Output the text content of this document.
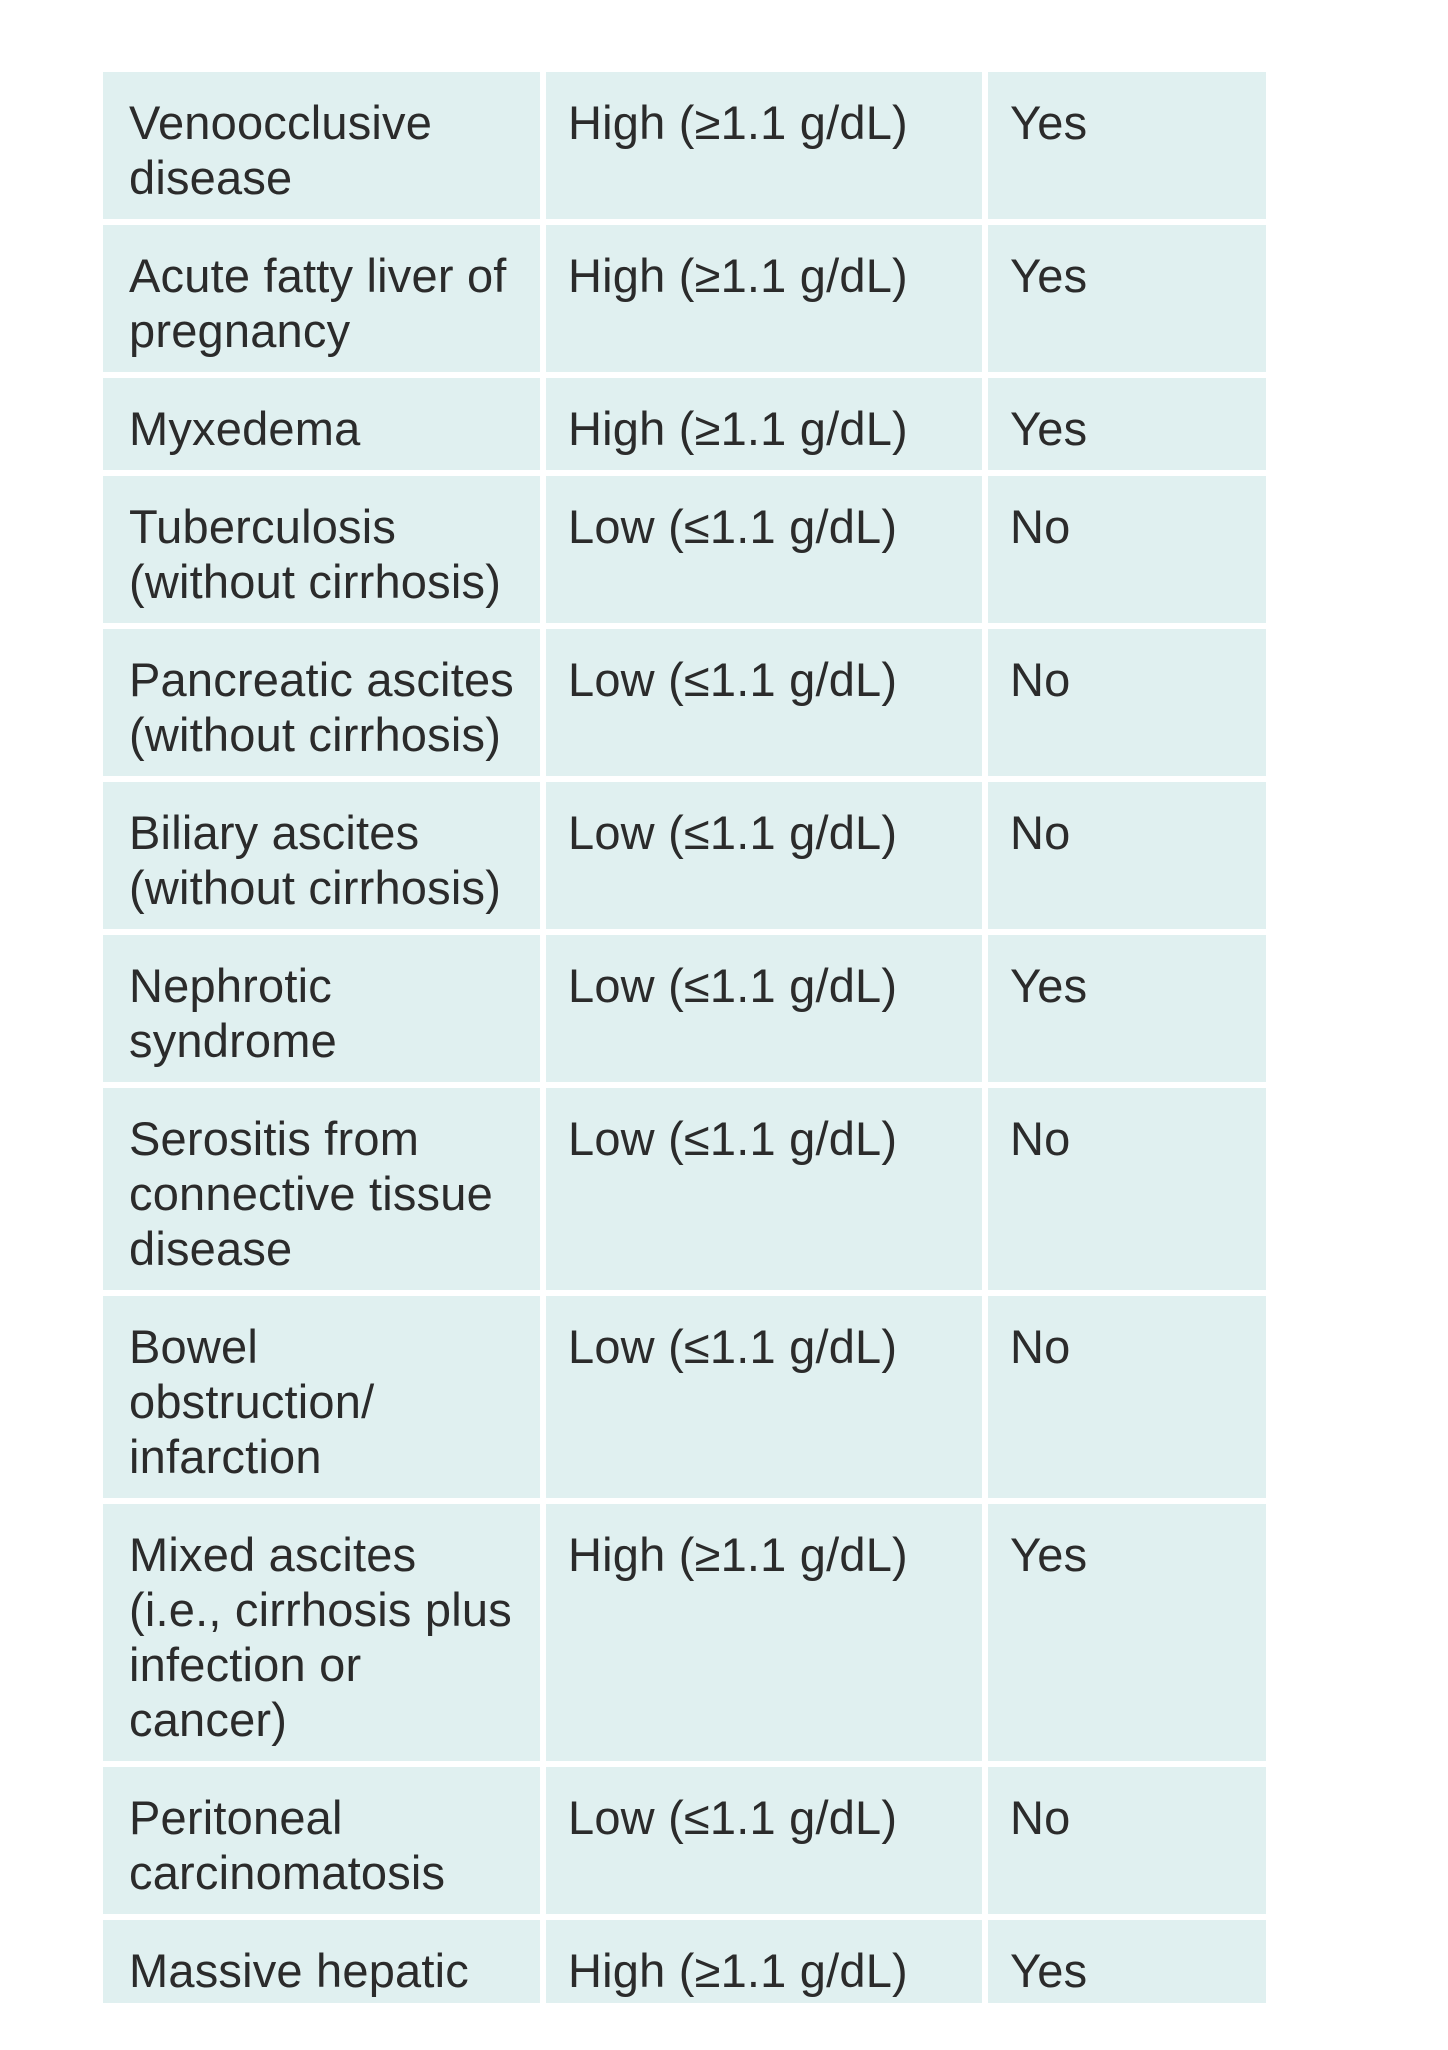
Venoocclusive disease	High (≥1.1 g/dL)	Yes
Acute fatty liver of pregnancy	High (≥1.1 g/dL)	Yes
Myxedema	High (≥1.1 g/dL)	Yes
Tuberculosis (without cirrhosis)	Low (≤1.1 g/dL)	No
Pancreatic ascites (without cirrhosis)	Low (≤1.1 g/dL)	No
Biliary ascites (without cirrhosis)	Low (≤1.1 g/dL)	No
Nephrotic syndrome	Low (≤1.1 g/dL)	Yes
Serositis from connective tissue disease	Low (≤1.1 g/dL)	No
Bowel obstruction/ infarction	Low (≤1.1 g/dL)	No
Mixed ascites (i.e., cirrhosis plus infection or cancer)	High (≥1.1 g/dL)	Yes
Peritoneal carcinomatosis	Low (≤1.1 g/dL)	No
Massive hepatic	High (≥1.1 g/dL)	Yes
